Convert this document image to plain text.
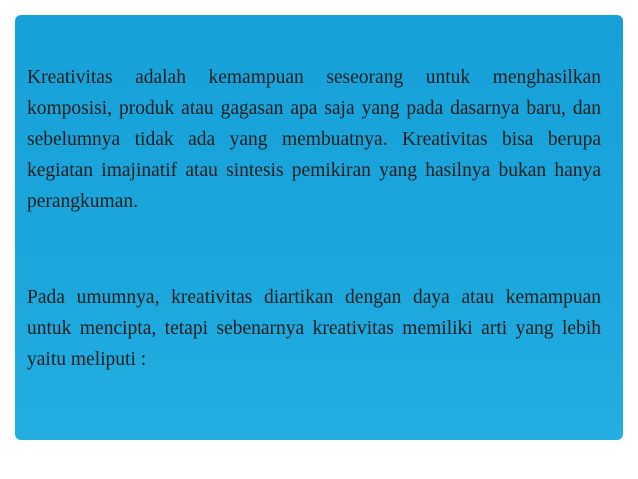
Kreativitas adalah kemampuan seseorang untuk menghasilkan komposisi, produk atau gagasan apa saja yang pada dasarnya baru, dan sebelumnya tidak ada yang membuatnya. Kreativitas bisa berupa kegiatan imajinatif atau sintesis pemikiran yang hasilnya bukan hanya perangkuman.

Pada umumnya, kreativitas diartikan dengan daya atau kemampuan untuk mencipta, tetapi sebenarnya kreativitas memiliki arti yang lebih yaitu meliputi :
